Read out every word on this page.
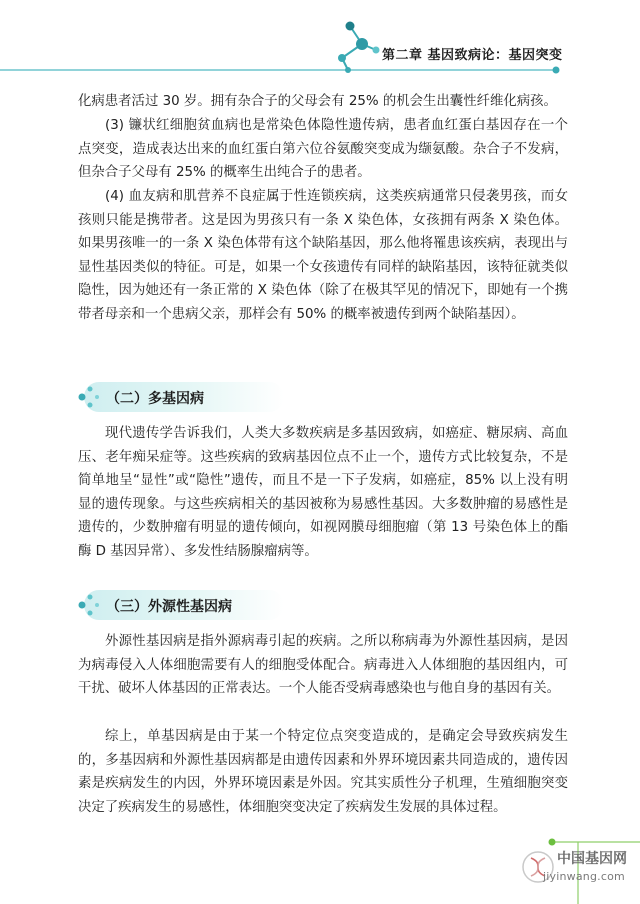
第二章 基因致病论：基因突变

化病患者活过 30 岁。拥有杂合子的父母会有 25% 的机会生出囊性纤维化病孩。

(3) 镰状红细胞贫血病也是常染色体隐性遗传病，患者血红蛋白基因存在一个点突变，造成表达出来的血红蛋白第六位谷氨酸突变成为缬氨酸。杂合子不发病，但杂合子父母有 25% 的概率生出纯合子的患者。

(4) 血友病和肌营养不良症属于性连锁疾病，这类疾病通常只侵袭男孩，而女孩则只能是携带者。这是因为男孩只有一条 X 染色体，女孩拥有两条 X 染色体。如果男孩唯一的一条 X 染色体带有这个缺陷基因，那么他将罹患该疾病，表现出与显性基因类似的特征。可是，如果一个女孩遗传有同样的缺陷基因，该特征就类似隐性，因为她还有一条正常的 X 染色体（除了在极其罕见的情况下，即她有一个携带者母亲和一个患病父亲，那样会有 50% 的概率被遗传到两个缺陷基因）。

（二）多基因病

现代遗传学告诉我们，人类大多数疾病是多基因致病，如癌症、糖尿病、高血压、老年痴呆症等。这些疾病的致病基因位点不止一个，遗传方式比较复杂，不是简单地呈“显性”或“隐性”遗传，而且不是一下子发病，如癌症，85% 以上没有明显的遗传现象。与这些疾病相关的基因被称为易感性基因。大多数肿瘤的易感性是遗传的，少数肿瘤有明显的遗传倾向，如视网膜母细胞瘤（第 13 号染色体上的酯酶 D 基因异常）、多发性结肠腺瘤病等。

（三）外源性基因病

外源性基因病是指外源病毒引起的疾病。之所以称病毒为外源性基因病，是因为病毒侵入人体细胞需要有人的细胞受体配合。病毒进入人体细胞的基因组内，可干扰、破坏人体基因的正常表达。一个人能否受病毒感染也与他自身的基因有关。

综上，单基因病是由于某一个特定位点突变造成的，是确定会导致疾病发生的，多基因病和外源性基因病都是由遗传因素和外界环境因素共同造成的，遗传因素是疾病发生的内因，外界环境因素是外因。究其实质性分子机理，生殖细胞突变决定了疾病发生的易感性，体细胞突变决定了疾病发生发展的具体过程。

中国基因网
jiyinwang.com
